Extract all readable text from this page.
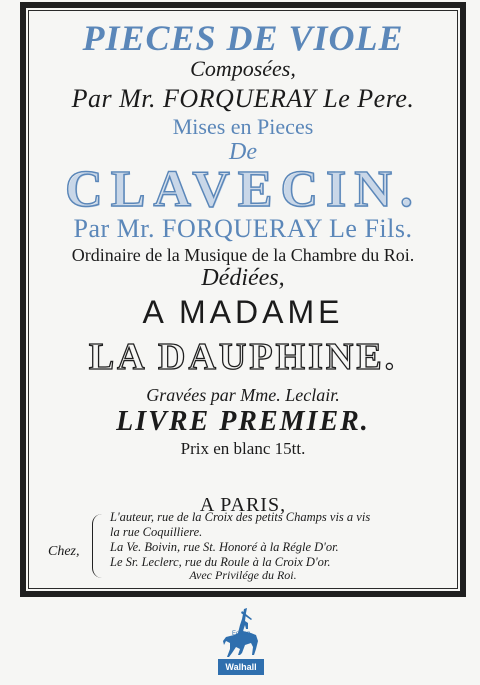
PIECES DE VIOLE
Composées,
Par Mr. FORQUERAY Le Pere.
Mises en Pieces
De
CLAVECIN.
Par Mr. FORQUERAY Le Fils.
Ordinaire de la Musique de la Chambre du Roi.
Dédiées,
A MADAME
LA DAUPHINE.
Gravées par Mme. Leclair.
LIVRE PREMIER.
Prix en blanc 15tt.
A PARIS,
Chez,
L'auteur, rue de la Croix des petits Champs vis a vis
la rue Coquilliere.
La Ve. Boivin, rue St. Honoré à la Régle D'or.
Le Sr. Leclerc, rue du Roule à la Croix D'or.
Avec Privilége du Roi.
Edition
Walhall
